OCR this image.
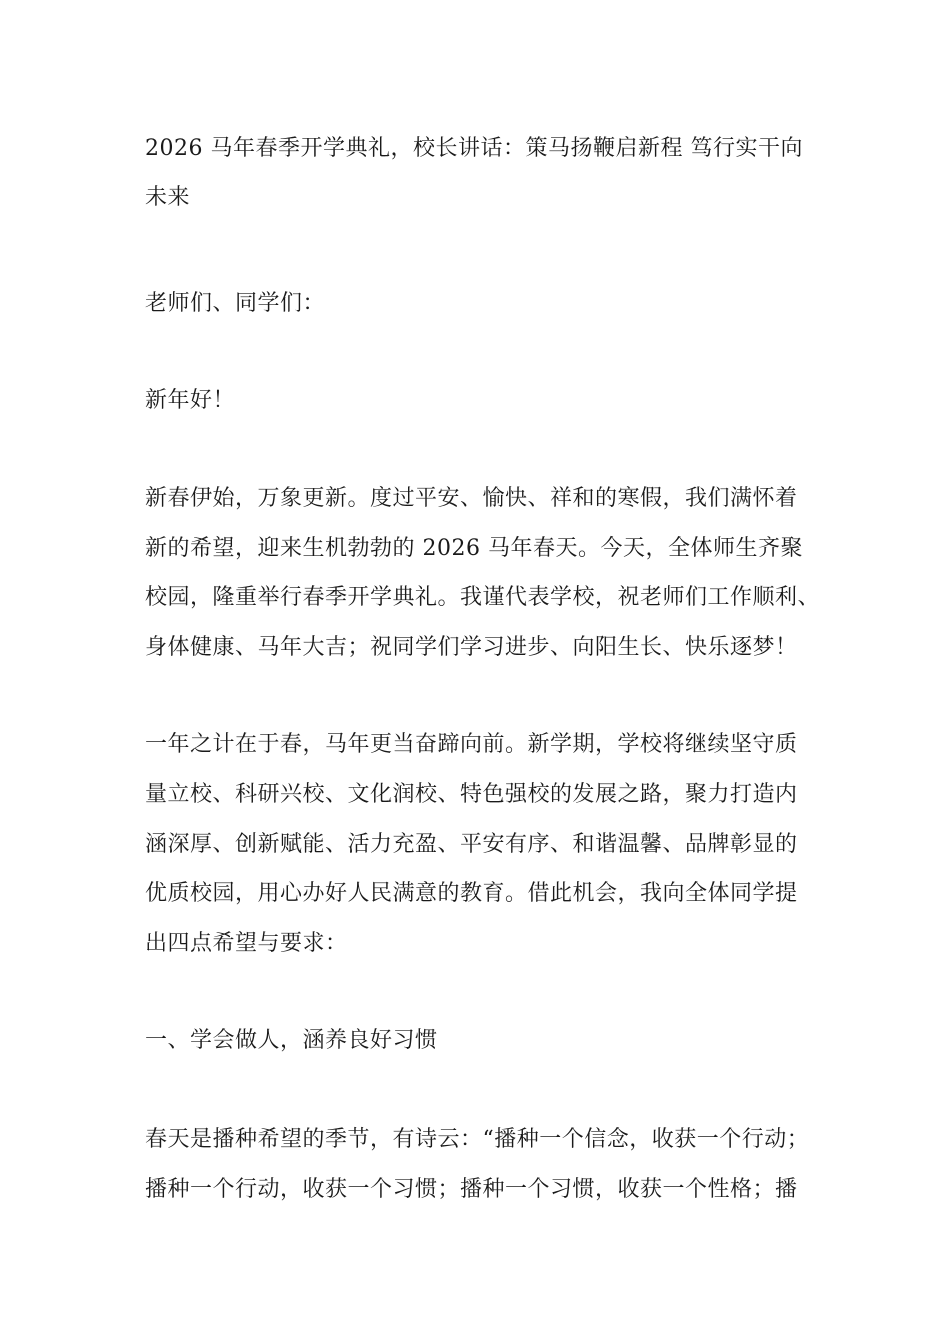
2026 马年春季开学典礼，校长讲话：策马扬鞭启新程 笃行实干向
未来
老师们、同学们：
新年好！
新春伊始，万象更新。度过平安、愉快、祥和的寒假，我们满怀着
新的希望，迎来生机勃勃的 2026 马年春天。今天，全体师生齐聚
校园，隆重举行春季开学典礼。我谨代表学校，祝老师们工作顺利、
身体健康、马年大吉；祝同学们学习进步、向阳生长、快乐逐梦！
一年之计在于春，马年更当奋蹄向前。新学期，学校将继续坚守质
量立校、科研兴校、文化润校、特色强校的发展之路，聚力打造内
涵深厚、创新赋能、活力充盈、平安有序、和谐温馨、品牌彰显的
优质校园，用心办好人民满意的教育。借此机会，我向全体同学提
出四点希望与要求：
一、学会做人，涵养良好习惯
春天是播种希望的季节，有诗云：“播种一个信念，收获一个行动；
播种一个行动，收获一个习惯；播种一个习惯，收获一个性格；播
